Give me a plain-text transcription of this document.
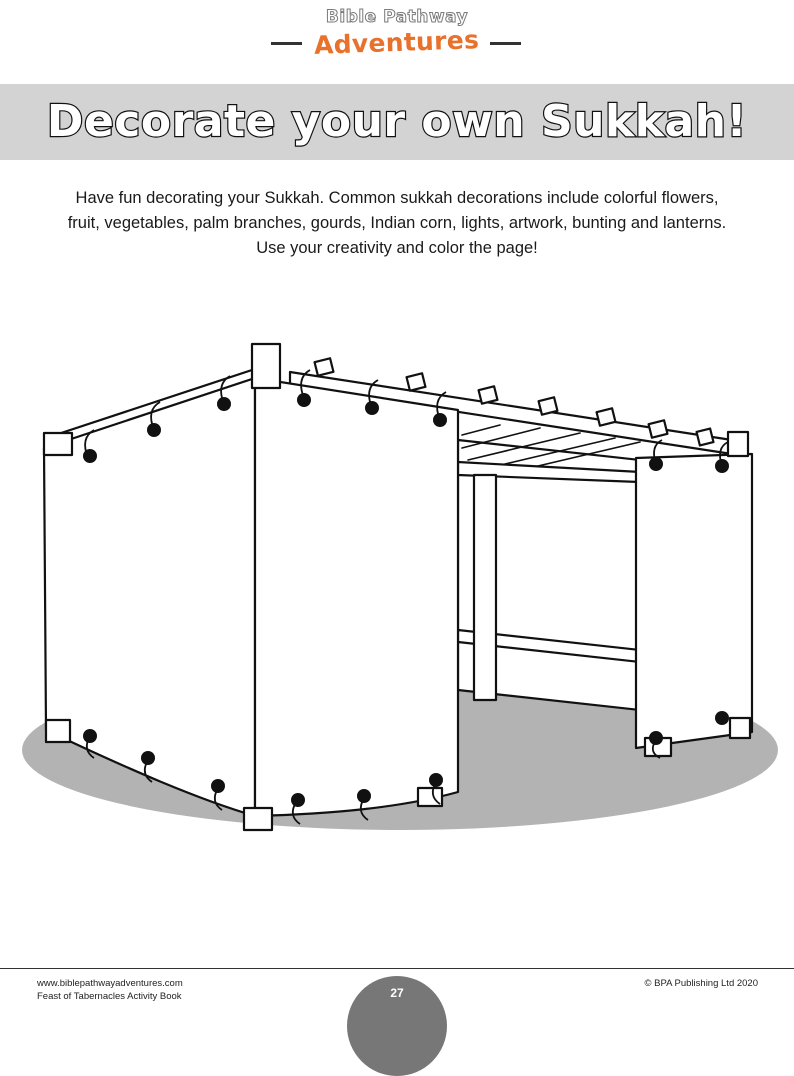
Bible Pathway
Adventures
Decorate your own Sukkah!
Have fun decorating your Sukkah. Common sukkah decorations include colorful flowers,
fruit, vegetables, palm branches, gourds, Indian corn, lights, artwork, bunting and lanterns.
Use your creativity and color the page!
www.biblepathwayadventures.com
Feast of Tabernacles Activity Book
© BPA Publishing Ltd 2020
27
